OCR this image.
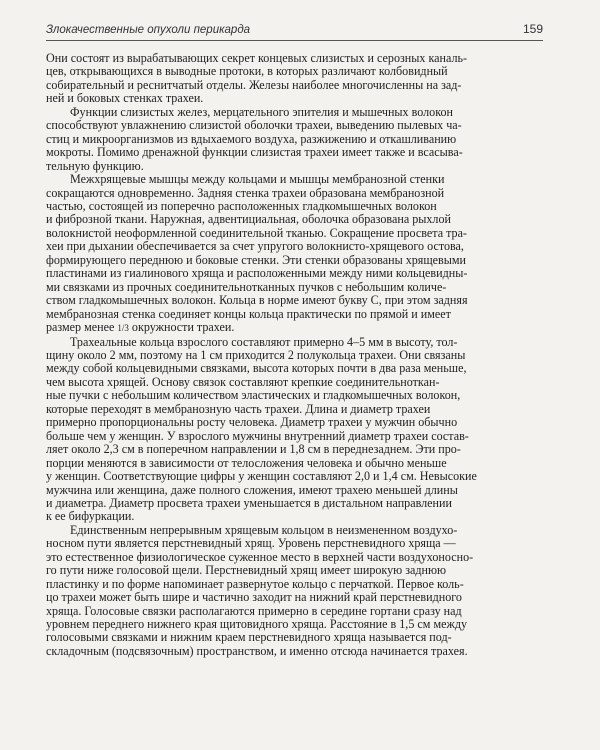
Злокачественные опухоли перикарда	159

Они состоят из вырабатывающих секрет концевых слизистых и серозных каналь-
цев, открывающихся в выводные протоки, в которых различают колбовидный
собирательный и реснитчатый отделы. Железы наиболее многочисленны на зад-
ней и боковых стенках трахеи.

Функции слизистых желез, мерцательного эпителия и мышечных волокон
способствуют увлажнению слизистой оболочки трахеи, выведению пылевых ча-
стиц и микроорганизмов из вдыхаемого воздуха, разжижению и откашливанию
мокроты. Помимо дренажной функции слизистая трахеи имеет также и всасыва-
тельную функцию.

Межхрящевые мышцы между кольцами и мышцы мембранозной стенки
сокращаются одновременно. Задняя стенка трахеи образована мембранозной
частью, состоящей из поперечно расположенных гладкомышечных волокон
и фиброзной ткани. Наружная, адвентициальная, оболочка образована рыхлой
волокнистой неоформленной соединительной тканью. Сокращение просвета тра-
хеи при дыхании обеспечивается за счет упругого волокнисто-хрящевого остова,
формирующего переднюю и боковые стенки. Эти стенки образованы хрящевыми
пластинами из гиалинового хряща и расположенными между ними кольцевидны-
ми связками из прочных соединительнотканных пучков с небольшим количе-
ством гладкомышечных волокон. Кольца в норме имеют букву С, при этом задняя
мембранозная стенка соединяет концы кольца практически по прямой и имеет
размер менее 1/3 окружности трахеи.

Трахеальные кольца взрослого составляют примерно 4–5 мм в высоту, тол-
щину около 2 мм, поэтому на 1 см приходится 2 полукольца трахеи. Они связаны
между собой кольцевидными связками, высота которых почти в два раза меньше,
чем высота хрящей. Основу связок составляют крепкие соединительноткан-
ные пучки с небольшим количеством эластических и гладкомышечных волокон,
которые переходят в мембранозную часть трахеи. Длина и диаметр трахеи
примерно пропорциональны росту человека. Диаметр трахеи у мужчин обычно
больше чем у женщин. У взрослого мужчины внутренний диаметр трахеи состав-
ляет около 2,3 см в поперечном направлении и 1,8 см в переднезаднем. Эти про-
порции меняются в зависимости от телосложения человека и обычно меньше
у женщин. Соответствующие цифры у женщин составляют 2,0 и 1,4 см. Невысокие
мужчина или женщина, даже полного сложения, имеют трахею меньшей длины
и диаметра. Диаметр просвета трахеи уменьшается в дистальном направлении
к ее бифуркации.

Единственным непрерывным хрящевым кольцом в неизмененном воздухо-
носном пути является перстневидный хрящ. Уровень перстневидного хряща —
это естественное физиологическое суженное место в верхней части воздухоносно-
го пути ниже голосовой щели. Перстневидный хрящ имеет широкую заднюю
пластинку и по форме напоминает развернутое кольцо с перчаткой. Первое коль-
цо трахеи может быть шире и частично заходит на нижний край перстневидного
хряща. Голосовые связки располагаются примерно в середине гортани сразу над
уровнем переднего нижнего края щитовидного хряща. Расстояние в 1,5 см между
голосовыми связками и нижним краем перстневидного хряща называется под-
складочным (подсвязочным) пространством, и именно отсюда начинается трахея.
